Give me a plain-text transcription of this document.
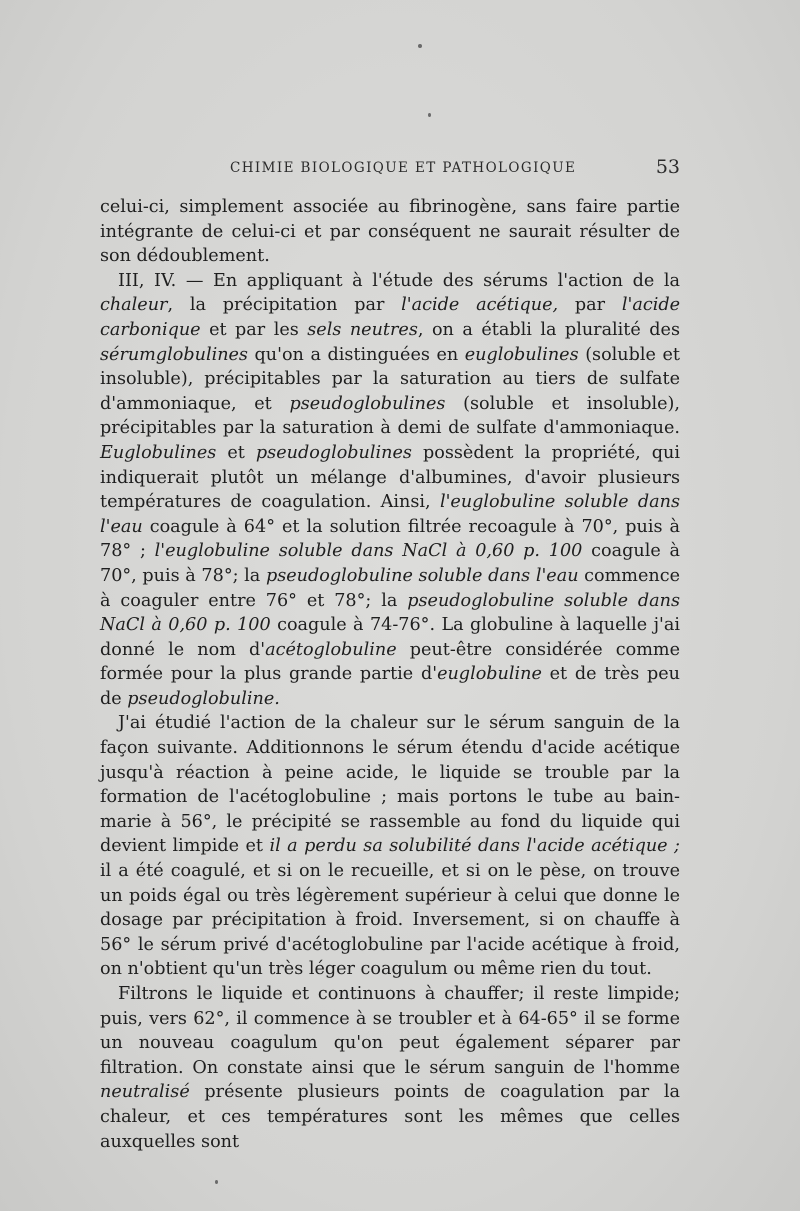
CHIMIE BIOLOGIQUE ET PATHOLOGIQUE	53

celui-ci, simplement associée au fibrinogène, sans faire partie intégrante de celui-ci et par conséquent ne saurait résulter de son dédoublement.

III, IV. — En appliquant à l'étude des sérums l'action de la chaleur, la précipitation par l'acide acétique, par l'acide carbonique et par les sels neutres, on a établi la pluralité des sérumglobulines qu'on a distinguées en euglobulines (soluble et insoluble), précipitables par la saturation au tiers de sulfate d'ammoniaque, et pseudoglobulines (soluble et insoluble), précipitables par la saturation à demi de sulfate d'ammoniaque. Euglobulines et pseudoglobulines possèdent la propriété, qui indiquerait plutôt un mélange d'albumines, d'avoir plusieurs températures de coagulation. Ainsi, l'euglobuline soluble dans l'eau coagule à 64° et la solution filtrée recoagule à 70°, puis à 78° ; l'euglobuline soluble dans NaCl à 0,60 p. 100 coagule à 70°, puis à 78°; la pseudoglobuline soluble dans l'eau commence à coaguler entre 76° et 78°; la pseudoglobuline soluble dans NaCl à 0,60 p. 100 coagule à 74-76°. La globuline à laquelle j'ai donné le nom d'acétoglobuline peut-être considérée comme formée pour la plus grande partie d'euglobuline et de très peu de pseudoglobuline.

J'ai étudié l'action de la chaleur sur le sérum sanguin de la façon suivante. Additionnons le sérum étendu d'acide acétique jusqu'à réaction à peine acide, le liquide se trouble par la formation de l'acétoglobuline ; mais portons le tube au bain-marie à 56°, le précipité se rassemble au fond du liquide qui devient limpide et il a perdu sa solubilité dans l'acide acétique ; il a été coagulé, et si on le recueille, et si on le pèse, on trouve un poids égal ou très légèrement supérieur à celui que donne le dosage par précipitation à froid. Inversement, si on chauffe à 56° le sérum privé d'acétoglobuline par l'acide acétique à froid, on n'obtient qu'un très léger coagulum ou même rien du tout.

Filtrons le liquide et continuons à chauffer; il reste limpide; puis, vers 62°, il commence à se troubler et à 64-65° il se forme un nouveau coagulum qu'on peut également séparer par filtration. On constate ainsi que le sérum sanguin de l'homme neutralisé présente plusieurs points de coagulation par la chaleur, et ces températures sont les mêmes que celles auxquelles sont
